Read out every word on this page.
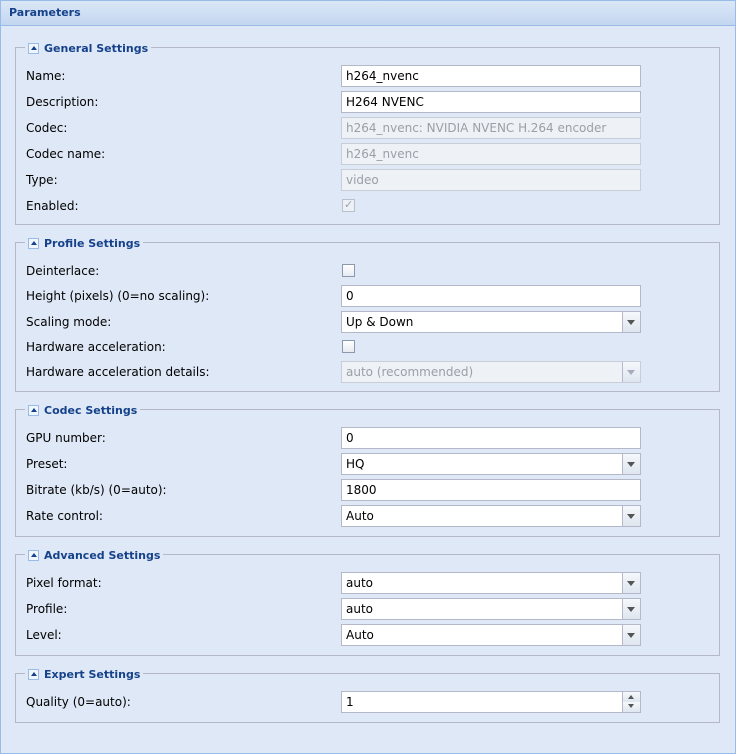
Parameters
General Settings
Name:	h264_nvenc
Description:	H264 NVENC
Codec:	h264_nvenc: NVIDIA NVENC H.264 encoder
Codec name:	h264_nvenc
Type:	video
Enabled:	✓
Profile Settings
Deinterlace:
Height (pixels) (0=no scaling):	0
Scaling mode:	Up & Down
Hardware acceleration:
Hardware acceleration details:	auto (recommended)
Codec Settings
GPU number:	0
Preset:	HQ
Bitrate (kb/s) (0=auto):	1800
Rate control:	Auto
Advanced Settings
Pixel format:	auto
Profile:	auto
Level:	Auto
Expert Settings
Quality (0=auto):	1
